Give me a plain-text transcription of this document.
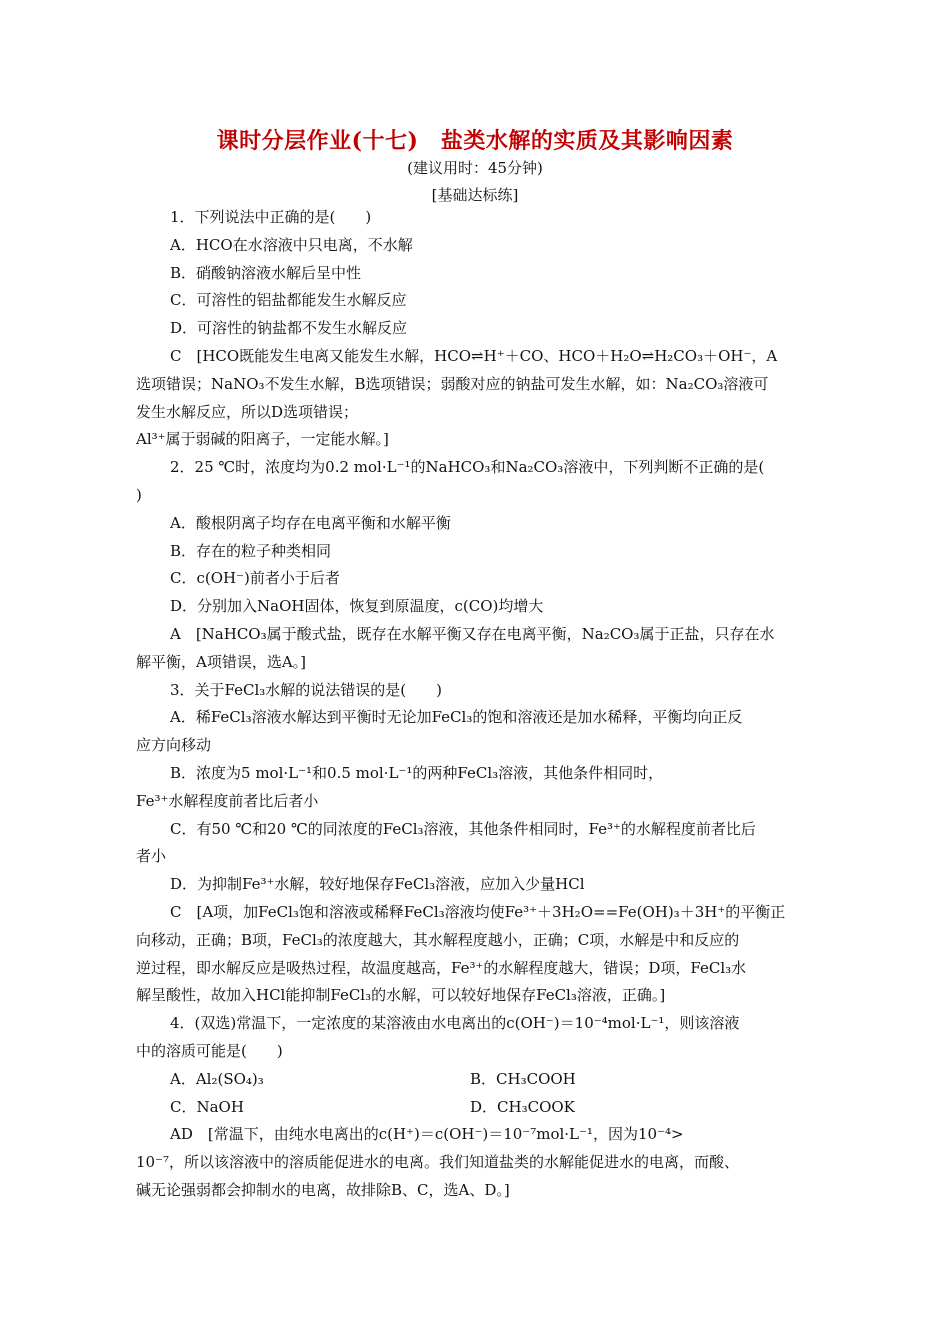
课时分层作业(十七)　盐类水解的实质及其影响因素
(建议用时：45分钟)
[基础达标练]

1．下列说法中正确的是(　　)

A．HCO在水溶液中只电离，不水解

B．硝酸钠溶液水解后呈中性

C．可溶性的铝盐都能发生水解反应

D．可溶性的钠盐都不发生水解反应

C　[HCO既能发生电离又能发生水解，HCO⇌H⁺＋CO、HCO＋H₂O⇌H₂CO₃＋OH⁻，A

选项错误；NaNO₃不发生水解，B选项错误；弱酸对应的钠盐可发生水解，如：Na₂CO₃溶液可

发生水解反应，所以D选项错误；

Al³⁺属于弱碱的阳离子，一定能水解。]

2．25 ℃时，浓度均为0.2 mol·L⁻¹的NaHCO₃和Na₂CO₃溶液中，下列判断不正确的是(

)

A．酸根阴离子均存在电离平衡和水解平衡

B．存在的粒子种类相同

C．c(OH⁻)前者小于后者

D．分别加入NaOH固体，恢复到原温度，c(CO)均增大

A　[NaHCO₃属于酸式盐，既存在水解平衡又存在电离平衡，Na₂CO₃属于正盐，只存在水

解平衡，A项错误，选A。]

3．关于FeCl₃水解的说法错误的是(　　)

A．稀FeCl₃溶液水解达到平衡时无论加FeCl₃的饱和溶液还是加水稀释，平衡均向正反

应方向移动

B．浓度为5 mol·L⁻¹和0.5 mol·L⁻¹的两种FeCl₃溶液，其他条件相同时，

Fe³⁺水解程度前者比后者小

C．有50 ℃和20 ℃的同浓度的FeCl₃溶液，其他条件相同时，Fe³⁺的水解程度前者比后

者小

D．为抑制Fe³⁺水解，较好地保存FeCl₃溶液，应加入少量HCl

C　[A项，加FeCl₃饱和溶液或稀释FeCl₃溶液均使Fe³⁺＋3H₂O==Fe(OH)₃＋3H⁺的平衡正

向移动，正确；B项，FeCl₃的浓度越大，其水解程度越小，正确；C项，水解是中和反应的

逆过程，即水解反应是吸热过程，故温度越高，Fe³⁺的水解程度越大，错误；D项，FeCl₃水

解呈酸性，故加入HCl能抑制FeCl₃的水解，可以较好地保存FeCl₃溶液，正确。]

4．(双选)常温下，一定浓度的某溶液由水电离出的c(OH⁻)＝10⁻⁴mol·L⁻¹，则该溶液

中的溶质可能是(　　)

A．Al₂(SO₄)₃	B．CH₃COOH

C．NaOH	D．CH₃COOK

AD　[常温下，由纯水电离出的c(H⁺)＝c(OH⁻)＝10⁻⁷mol·L⁻¹，因为10⁻⁴>

10⁻⁷，所以该溶液中的溶质能促进水的电离。我们知道盐类的水解能促进水的电离，而酸、

碱无论强弱都会抑制水的电离，故排除B、C，选A、D。]
